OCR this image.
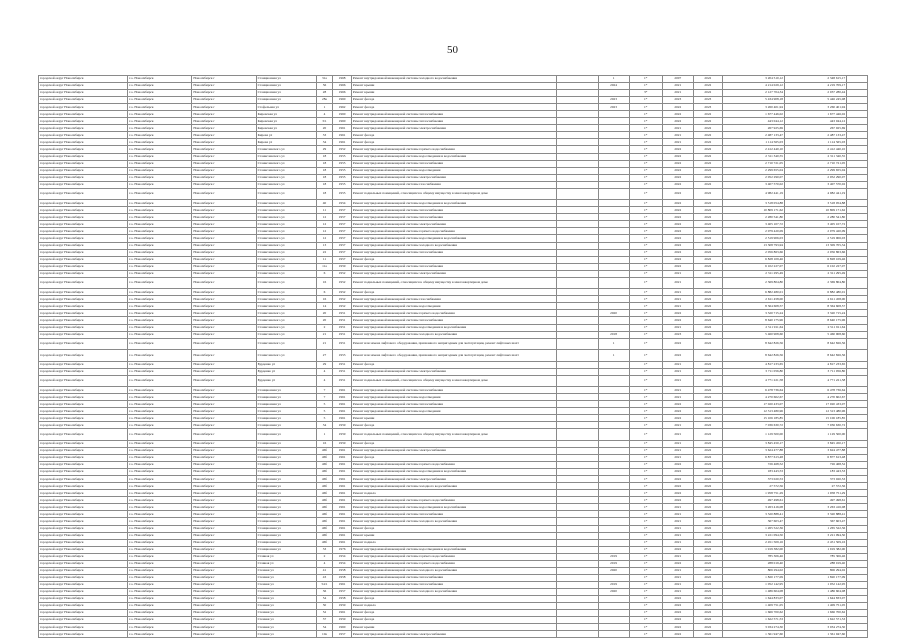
50
городской округ Новосибирск	г.о. Новосибирск	Новосибирск г	Станционная ул	31а	1968	Ремонт внутридомовой инженерной системы холодного водоснабжения		1	1*	2007	2022	3 204 510,12	2 348 615,17	
городской округ Новосибирск	г.о. Новосибирск	Новосибирск г	Станционная ул	56	1966	Ремонт крыши		2024	1*	2021	2022	4 214 029,12	4 219 709,17	
городской округ Новосибирск	г.о. Новосибирск	Новосибирск г	Станционная ул	28	1966	Ремонт крыши			3*	2021	2022	2 127 704,34	2 037 280,44	
городской округ Новосибирск	г.о. Новосибирск	Новосибирск г	Станционная ул	28а	1960	Ремонт фасада		2023	1*	2023	2023	5 434 908,18	5 446 245,08	
городской округ Новосибирск	г.о. Новосибирск	Новосибирск г	Стофельная ул	1	1962	Ремонт фасада		2023	1*	2022	2023	3 260 401,94	3 260 401,94	
городской округ Новосибирск	г.о. Новосибирск	Новосибирск г	Кировская ул	4	1960	Ремонт внутридомовой инженерной системы теплоснабжения			1*	2022	2022	1 677 446,02	1 677 446,02	
городской округ Новосибирск	г.о. Новосибирск	Новосибирск г	Кировская ул	3/1	1960	Ремонт внутридомовой инженерной системы теплоснабжения			1*	2022	2022	443 044,12	443 044,12	
городской округ Новосибирск	г.о. Новосибирск	Новосибирск г	Кировская ул	20	1961	Ремонт внутридомовой инженерной системы электроснабжения			1*	2021	2022	267 925,69	267 925,69	
городской округ Новосибирск	г.о. Новосибирск	Новосибирск г	Кирова ул	33	1961	Ремонт фасада			1*	2021	2022	2 487 133,47	2 487 133,47	
городской округ Новосибирск	г.о. Новосибирск	Новосибирск г	Кирова ул	34	1961	Ремонт фасада			1*	2021	2022	1 114 565,03	1 114 565,03	
городской округ Новосибирск	г.о. Новосибирск	Новосибирск г	Станиславского ул	29	1952	Ремонт внутридомовой инженерной системы горячего водоснабжения			1*	2022	2022	2 412 440,10	2 412 440,10	
городской округ Новосибирск	г.о. Новосибирск	Новосибирск г	Станиславского ул	18	1955	Ремонт внутридомовой инженерной системы водоотведения и водоснабжения			1*	2022	2022	2 311 340,55	2 311 340,55	
городской округ Новосибирск	г.о. Новосибирск	Новосибирск г	Станиславского ул	18	1955	Ремонт внутридомовой инженерной системы теплоснабжения			1*	2022	2022	2 710 721,05	2 710 721,05	
городской округ Новосибирск	г.о. Новосибирск	Новосибирск г	Станиславского ул	18	1955	Ремонт внутридомовой инженерной системы водоотведения			1*	2022	2022	2 299 655,04	2 299 655,04	
городской округ Новосибирск	г.о. Новосибирск	Новосибирск г	Станиславского ул	18	1955	Ремонт внутридомовой инженерной системы электроснабжения			1*	2022	2022	2 052 290,07	2 052 290,07	
городской округ Новосибирск	г.о. Новосибирск	Новосибирск г	Станиславского ул	18	1955	Ремонт внутридомовой инженерной системы газоснабжения			1*	2022	2022	3 407 570,02	3 407 570,02	
городской округ Новосибирск	г.о. Новосибирск	Новосибирск г	Станиславского ул	18	1955	Ремонт подвальных помещений, относящихся к общему имуществу в многоквартирном доме			1*	2022	2022	4 982 441,19	4 982 441,19	
городской округ Новосибирск	г.о. Новосибирск	Новосибирск г	Станиславского ул	40	1954	Ремонт внутридомовой инженерной системы водоотведения и водоснабжения			1*	2022	2022	3 518 054,88	3 518 054,88	
городской округ Новосибирск	г.о. Новосибирск	Новосибирск г	Станиславского ул	11	1957	Ремонт внутридомовой инженерной системы теплоснабжения			1*	2022	2022	10 809 171,62	10 809 171,62	
городской округ Новосибирск	г.о. Новосибирск	Новосибирск г	Станиславского ул	12	1957	Ремонт внутридомовой инженерной системы теплоснабжения			1*	2022	2022	2 280 541,80	2 280 541,80	
городской округ Новосибирск	г.о. Новосибирск	Новосибирск г	Станиславского ул	12	1957	Ремонт внутридомовой инженерной системы электроснабжения			1*	2022	2022	3 405 107,72	3 405 107,72	
городской округ Новосибирск	г.о. Новосибирск	Новосибирск г	Станиславского ул	12	1957	Ремонт внутридомовой инженерной системы горячего водоснабжения			1*	2022	2022	2 079 420,09	2 079 420,09	
городской округ Новосибирск	г.о. Новосибирск	Новосибирск г	Станиславского ул	12	1957	Ремонт внутридомовой инженерной системы водоотведения и водоснабжения			1*	2022	2022	2 519 906,03	2 519 906,03	
городской округ Новосибирск	г.о. Новосибирск	Новосибирск г	Станиславского ул	13	1957	Ремонт внутридомовой инженерной системы холодного водоснабжения			1*	2022	2022	13 308 793,94	13 309 705,34	
городской округ Новосибирск	г.о. Новосибирск	Новосибирск г	Станиславского ул	22	1957	Ремонт внутридомовой инженерной системы теплоснабжения			1*	2022	2022	2 056 863,66	2 056 863,66	
городской округ Новосибирск	г.о. Новосибирск	Новосибирск г	Станиславского ул	11	1957	Ремонт фасада			1*	2022	2022	6 828 109,46	6 828 109,46	
городской округ Новосибирск	г.о. Новосибирск	Новосибирск г	Станиславского ул	11а	1959	Ремонт внутридомовой инженерной системы теплоснабжения			1*	2022	2022	6 102 227,07	6 102 227,07	
городской округ Новосибирск	г.о. Новосибирск	Новосибирск г	Станиславского ул	6	1952	Ремонт внутридомовой инженерной системы электроснабжения			1*	2021	2022	2 311 295,49	2 311 295,49	
городской округ Новосибирск	г.о. Новосибирск	Новосибирск г	Станиславского ул	16	1952	Ремонт подвальных помещений, относящихся к общему имуществу в многоквартирном доме			1*	2021	2022	2 369 804,80	2 369 804,80	
городской округ Новосибирск	г.о. Новосибирск	Новосибирск г	Станиславского ул	6	1952	Ремонт фасада			1*	2021	2022	6 882 480,01	6 882 480,01	
городской округ Новосибирск	г.о. Новосибирск	Новосибирск г	Станиславского ул	16	1952	Ремонт внутридомовой инженерной системы газоснабжения			1*	2021	2022	2 611 458,00	2 611 458,00	
городской округ Новосибирск	г.о. Новосибирск	Новосибирск г	Станиславского ул	14	1952	Ремонт внутридомовой инженерной системы водоотведения			1*	2021	2022	8 364 608,57	8 364 608,57	
городской округ Новосибирск	г.о. Новосибирск	Новосибирск г	Станиславского ул	20	1951	Ремонт внутридомовой инженерной системы горячего водоснабжения		2020	1*	2022	2022	3 320 715,24	3 320 715,24	
городской округ Новосибирск	г.о. Новосибирск	Новосибирск г	Станиславского ул	20	1951	Ремонт внутридомовой инженерной системы теплоснабжения			1*	2022	2022	8 640 175,96	8 640 175,96	
городской округ Новосибирск	г.о. Новосибирск	Новосибирск г	Станиславского ул	2	1951	Ремонт внутридомовой инженерной системы водоотведения и водоснабжения			1*	2021	2022	2 511 911,64	2 511 911,64	
городской округ Новосибирск	г.о. Новосибирск	Новосибирск г	Станиславского ул	21	1951	Ремонт внутридомовой инженерной системы холодного водоснабжения		2018	1*	2023	2024	5 460 908,60	5 460 908,60	
городской округ Новосибирск	г.о. Новосибирск	Новосибирск г	Станиславского ул	21	1951	Ремонт или замена лифтового оборудования, признанного непригодным для эксплуатации, ремонт лифтовых шахт		1	1*	2022	2022	8 642 826,56	8 642 826,56	
городской округ Новосибирск	г.о. Новосибирск	Новосибирск г	Станиславского ул	27	1953	Ремонт или замена лифтового оборудования, признанного непригодным для эксплуатации, ремонт лифтовых шахт		1	1*	2022	2022	8 642 826,56	8 642 826,56	
городской округ Новосибирск	г.о. Новосибирск	Новосибирск г	Бурденко ул	29	1951	Ремонт фасада			1*	2021	2022	4 817 233,65	4 817 233,65	
городской округ Новосибирск	г.о. Новосибирск	Новосибирск г	Бурденко ул	4	1951	Ремонт внутридомовой инженерной системы электроснабжения			1*	2021	2022	3 711 056,80	3 711 056,80	
городской округ Новосибирск	г.о. Новосибирск	Новосибирск г	Бурденко ул	4	1951	Ремонт подвальных помещений, относящихся к общему имуществу в многоквартирном доме			1*	2021	2022	4 771 221,58	4 771 221,58	
городской округ Новосибирск	г.о. Новосибирск	Новосибирск г	Станционная ул	7	1961	Ремонт внутридомовой инженерной системы теплоснабжения			1*	2021	2022	6 478 736,64	6 478 736,64	
городской округ Новосибирск	г.о. Новосибирск	Новосибирск г	Станционная ул	7	1961	Ремонт внутридомовой инженерной системы водоотведения			1*	2021	2022	4 270 602,67	4 270 602,67	
городской округ Новосибирск	г.о. Новосибирск	Новосибирск г	Станционная ул	5	1961	Ремонт внутридомовой инженерной системы теплоснабжения			1*	2022	2022	17 020 433,07	17 020 433,07	
городской округ Новосибирск	г.о. Новосибирск	Новосибирск г	Станционная ул	5	1961	Ремонт внутридомовой инженерной системы водоотведения			1*	2022	2022	12 313 480,96	12 313 480,96	
городской округ Новосибирск	г.о. Новосибирск	Новосибирск г	Станционная ул	5	1961	Ремонт крыши			1*	2022	2022	15 106 185,85	15 106 185,85	
городской округ Новосибирск	г.о. Новосибирск	Новосибирск г	Станционная ул	34	1959	Ремонт фасада			1*	2021	2022	7 036 630,72	7 036 630,72	
городской округ Новосибирск	г.о. Новосибирск	Новосибирск г	Станционная ул	1	1959	Ремонт подвальных помещений, относящихся к общему имуществу в многоквартирном доме			1*	2021	2022	1 129 500,00	1 129 500,00	
городской округ Новосибирск	г.о. Новосибирск	Новосибирск г	Станционная ул	16	1959	Ремонт фасада			1*	2021	2022	3 845 450,17	3 845 450,17	
городской округ Новосибирск	г.о. Новосибирск	Новосибирск г	Станционная ул	46б	1961	Ремонт внутридомовой инженерной системы электроснабжения			1*	2021	2022	3 624 477,88	3 624 477,88	
городской округ Новосибирск	г.о. Новосибирск	Новосибирск г	Станционная ул	46б	1961	Ремонт фасада			1*	2021	2022	6 877 613,48	6 877 613,48	
городской округ Новосибирск	г.о. Новосибирск	Новосибирск г	Станционная ул	46б	1961	Ремонт внутридомовой инженерной системы горячего водоснабжения			1*	2022	2022	726 468,52	726 468,52	
городской округ Новосибирск	г.о. Новосибирск	Новосибирск г	Станционная ул	46б	1961	Ремонт внутридомовой инженерной системы водоотведения и водоснабжения			1*	2022	2022	183 443,53	183 443,53	
городской округ Новосибирск	г.о. Новосибирск	Новосибирск г	Станционная ул	46б	1961	Ремонт внутридомовой инженерной системы электроснабжения			1*	2022	2022	373 020,53	373 020,53	
городской округ Новосибирск	г.о. Новосибирск	Новосибирск г	Станционная ул	46б	1961	Ремонт внутридомовой инженерной системы холодного водоснабжения			1*	2022	2022	27 572,56	27 572,56	
городской округ Новосибирск	г.о. Новосибирск	Новосибирск г	Станционная ул	46б	1961	Ремонт подвала			1*	2022	2022	1 958 751,29	1 958 751,29	
городской округ Новосибирск	г.о. Новосибирск	Новосибирск г	Станционная ул	46б	1961	Ремонт внутридомовой инженерной системы горячего водоснабжения			1*	2022	2022	497 498,61	497 498,61	
городской округ Новосибирск	г.о. Новосибирск	Новосибирск г	Станционная ул	46б	1961	Ремонт внутридомовой инженерной системы водоотведения и водоснабжения			1*	2021	2022	3 263 416,08	3 263 416,08	
городской округ Новосибирск	г.о. Новосибирск	Новосибирск г	Станционная ул	46б	1961	Ремонт внутридомовой инженерной системы теплоснабжения			1*	2021	2022	3 320 888,41	3 320 888,41	
городской округ Новосибирск	г.о. Новосибирск	Новосибирск г	Станционная ул	46б	1961	Ремонт внутридомовой инженерной системы холодного водоснабжения			1*	2021	2022	367 603,47	367 603,47	
городской округ Новосибирск	г.о. Новосибирск	Новосибирск г	Станционная ул	46б	1961	Ремонт фасада			1*	2021	2022	1 265 522,36	1 265 522,36	
городской округ Новосибирск	г.о. Новосибирск	Новосибирск г	Станционная ул	46б	1961	Ремонт крыши			1*	2021	2022	3 221 094,50	3 221 094,50	
городской округ Новосибирск	г.о. Новосибирск	Новосибирск г	Станционная ул	46б	1961	Ремонт подвала			1*	2021	2022	2 451 509,16	2 451 509,16	
городской округ Новосибирск	г.о. Новосибирск	Новосибирск г	Станционная ул	33	1976	Ремонт внутридомовой инженерной системы водоотведения и водоснабжения			1*	2022	2022	1 919 382,00	1 919 382,00	
городской округ Новосибирск	г.о. Новосибирск	Новосибирск г	Ставная ул	2	1954	Ремонт внутридомовой инженерной системы горячего водоснабжения		2019	1*	2021	2022	785 306,46	785 306,46	
городской округ Новосибирск	г.о. Новосибирск	Новосибирск г	Ставная ул	4	1954	Ремонт внутридомовой инженерной системы горячего водоснабжения		2019	1*	2022	2022	288 019,40	288 019,40	
городской округ Новосибирск	г.о. Новосибирск	Новосибирск г	Стенная ул	41	1958	Ремонт внутридомовой инженерной системы холодного водоснабжения		2020	1*	2021	2022	806 294,02	806 294,02	
городской округ Новосибирск	г.о. Новосибирск	Новосибирск г	Стенная ул	43	1958	Ремонт внутридомовой инженерной системы теплоснабжения			1*	2021	2022	1 820 177,09	1 820 177,09	
городской округ Новосибирск	г.о. Новосибирск	Новосибирск г	Стенная ул	54/1	1961	Ремонт внутридомовой инженерной системы теплоснабжения		2019	1*	2021	2022	1 052 142,95	1 052 142,95	
городской округ Новосибирск	г.о. Новосибирск	Новосибирск г	Стенная ул	36	1957	Ремонт внутридомовой инженерной системы холодного водоснабжения		2020	1*	2021	2022	1 486 604,08	1 486 604,08	
городской округ Новосибирск	г.о. Новосибирск	Новосибирск г	Стенная ул	54	1958	Ремонт фасада			1*	2022	2022	1 644 833,07	1 644 833,07	
городской округ Новосибирск	г.о. Новосибирск	Новосибирск г	Стенная ул	50	1959	Ремонт подвала			1*	2022	2022	1 409 751,05	1 409 751,05	
городской округ Новосибирск	г.о. Новосибирск	Новосибирск г	Стенная ул	52	1961	Ремонт фасада			1*	2022	2022	1 666 700,62	1 666 700,62	
городской округ Новосибирск	г.о. Новосибирск	Новосибирск г	Стенная ул	37	1959	Ремонт фасада			1*	2022	2022	1 622 571,53	1 622 571,53	
городской округ Новосибирск	г.о. Новосибирск	Новосибирск г	Стенная ул	54	1960	Ремонт крыши			1*	2022	2022	3 034 274,30	3 034 274,30	
городской округ Новосибирск	г.о. Новосибирск	Новосибирск г	Стенная ул	10а	1957	Ремонт внутридомовой инженерной системы электроснабжения			1*	2022	2022	1 361 947,60	1 361 947,60	
